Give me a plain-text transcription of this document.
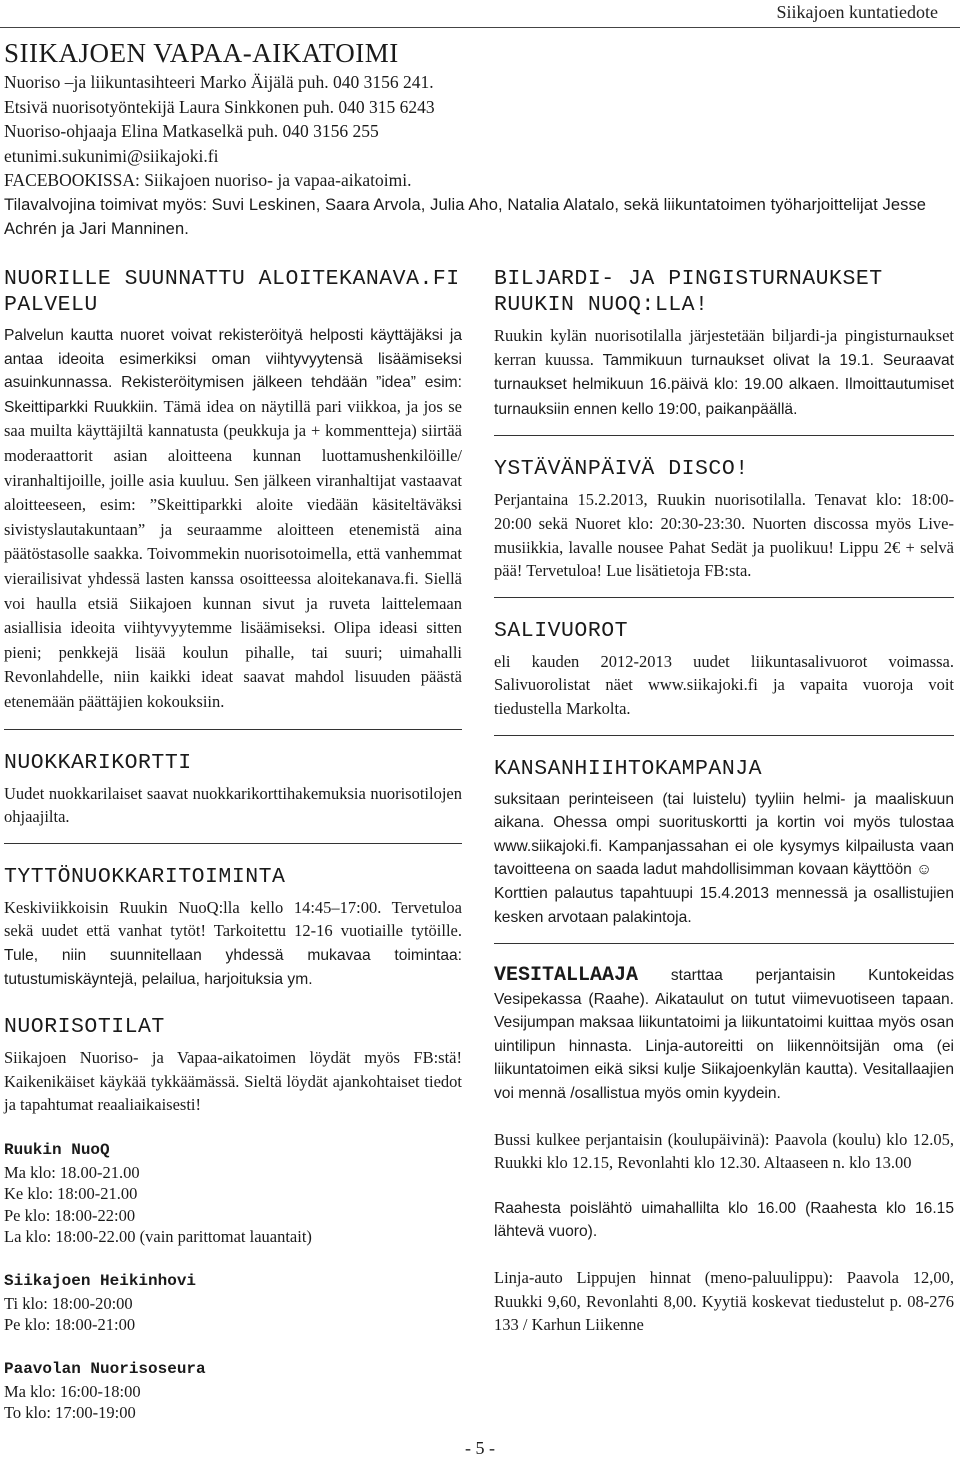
Siikajoen kuntatiedote
SIIKAJOEN VAPAA-AIKATOIMI
Nuoriso –ja liikuntasihteeri Marko Äijälä puh. 040 3156 241.
Etsivä nuorisotyöntekijä Laura Sinkkonen puh. 040 315 6243
Nuoriso-ohjaaja Elina Matkaselkä puh. 040 3156 255
etunimi.sukunimi@siikajoki.fi
FACEBOOKISSA: Siikajoen nuoriso- ja vapaa-aikatoimi.
Tilavalvojina toimivat myös: Suvi Leskinen, Saara Arvola, Julia Aho, Natalia Alatalo, sekä liikuntatoimen työharjoittelijat Jesse Achrén ja Jari Manninen.
NUORILLE SUUNNATTU ALOITEKANAVA.FI PALVELU

Palvelun kautta nuoret voivat rekisteröityä helposti käyttäjäksi ja antaa ideoita esimerkiksi oman viihtyvyytensä lisäämiseksi asuinkunnassa. Rekisteröitymisen jälkeen tehdään ”idea” esim: Skeittiparkki Ruukkiin. Tämä idea on näytillä pari viikkoa, ja jos se saa muilta käyttäjiltä kannatusta (peukkuja ja + kommentteja) siirtää moderaattorit asian aloitteena kunnan luottamushenkilöille/ viranhaltijoille, joille asia kuuluu. Sen jälkeen viranhaltijat vastaavat aloitteeseen, esim: ”Skeittiparkki aloite viedään käsiteltäväksi sivistyslautakuntaan” ja seuraamme aloitteen etenemistä aina päätöstasolle saakka. Toivommekin nuorisotoimella, että vanhemmat vierailisivat yhdessä lasten kanssa osoitteessa aloitekanava.fi. Siellä voi haulla etsiä Siikajoen kunnan sivut ja ruveta laittelemaan asiallisia ideoita viihtyvyytemme lisäämiseksi. Olipa ideasi sitten pieni; penkkejä lisää koulun pihalle, tai suuri; uimahalli Revonlahdelle, niin kaikki ideat saavat mahdol lisuuden päästä etenemään päättäjien kokouksiin.

NUOKKARIKORTTI

Uudet nuokkarilaiset saavat nuokkarikorttihakemuksia nuorisotilojen ohjaajilta.

TYTTÖNUOKKARITOIMINTA

Keskiviikkoisin Ruukin NuoQ:lla kello 14:45–17:00. Tervetuloa sekä uudet että vanhat tytöt! Tarkoitettu 12-16 vuotiaille tytöille. Tule, niin suunnitellaan yhdessä mukavaa toimintaa: tutustumiskäyntejä, pelailua, harjoituksia ym.

NUORISOTILAT

Siikajoen Nuoriso- ja Vapaa-aikatoimen löydät myös FB:stä! Kaikenikäiset käykää tykkäämässä. Sieltä löydät ajankohtaiset tiedot ja tapahtumat reaaliaikaisesti!

Ruukin NuoQ
Ma klo: 18.00-21.00
Ke klo: 18:00-21.00
Pe klo: 18:00-22:00
La klo: 18:00-22.00 (vain parittomat lauantait)
Siikajoen Heikinhovi
Ti klo: 18:00-20:00
Pe klo: 18:00-21:00
Paavolan Nuorisoseura
Ma klo: 16:00-18:00
To klo: 17:00-19:00
BILJARDI- JA PINGISTURNAUKSET RUUKIN NUOQ:LLA!

Ruukin kylän nuorisotilalla järjestetään biljardi-ja pingisturnaukset kerran kuussa. Tammikuun turnaukset olivat la 19.1. Seuraavat turnaukset helmikuun 16.päivä klo: 19.00 alkaen. Ilmoittautumiset turnauksiin ennen kello 19:00, paikanpäällä.

YSTÄVÄNPÄIVÄ DISCO!

Perjantaina 15.2.2013, Ruukin nuorisotilalla. Tenavat klo: 18:00-20:00 sekä Nuoret klo: 20:30-23:30. Nuorten discossa myös Live-musiikkia, lavalle nousee Pahat Sedät ja puolikuu! Lippu 2€ + selvä pää! Tervetuloa! Lue lisätietoja FB:sta.

SALIVUOROT

eli kauden 2012-2013 uudet liikuntasalivuorot voimassa. Salivuorolistat näet www.siikajoki.fi ja vapaita vuoroja voit tiedustella Markolta.

KANSANHIIHTOKAMPANJA

suksitaan perinteiseen (tai luistelu) tyyliin helmi- ja maaliskuun aikana. Ohessa ompi suorituskortti ja kortin voi myös tulostaa www.siikajoki.fi. Kampanjassahan ei ole kysymys kilpailusta vaan tavoitteena on saada ladut mahdollisimman kovaan käyttöön ☺

Korttien palautus tapahtuupi 15.4.2013 mennessä ja osallistujien kesken arvotaan palakintoja.

VESITALLAAJA starttaa perjantaisin Kuntokeidas Vesipekassa (Raahe). Aikataulut on tutut viimevuotiseen tapaan. Vesijumpan maksaa liikuntatoimi ja liikuntatoimi kuittaa myös osan uintilipun hinnasta. Linja-autoreitti on liikennöitsijän oma (ei liikuntatoimen eikä siksi kulje Siikajoenkylän kautta). Vesitallaajien voi mennä /osallistua myös omin kyydein.

Bussi kulkee perjantaisin (koulupäivinä): Paavola (koulu) klo 12.05, Ruukki klo 12.15, Revonlahti klo 12.30. Altaaseen n. klo 13.00

Raahesta poislähtö uimahallilta klo 16.00 (Raahesta klo 16.15 lähtevä vuoro).

Linja-auto Lippujen hinnat (meno-paluulippu): Paavola 12,00, Ruukki 9,60, Revonlahti 8,00. Kyytiä koskevat tiedustelut p. 08-276 133 / Karhun Liikenne

- 5 -
